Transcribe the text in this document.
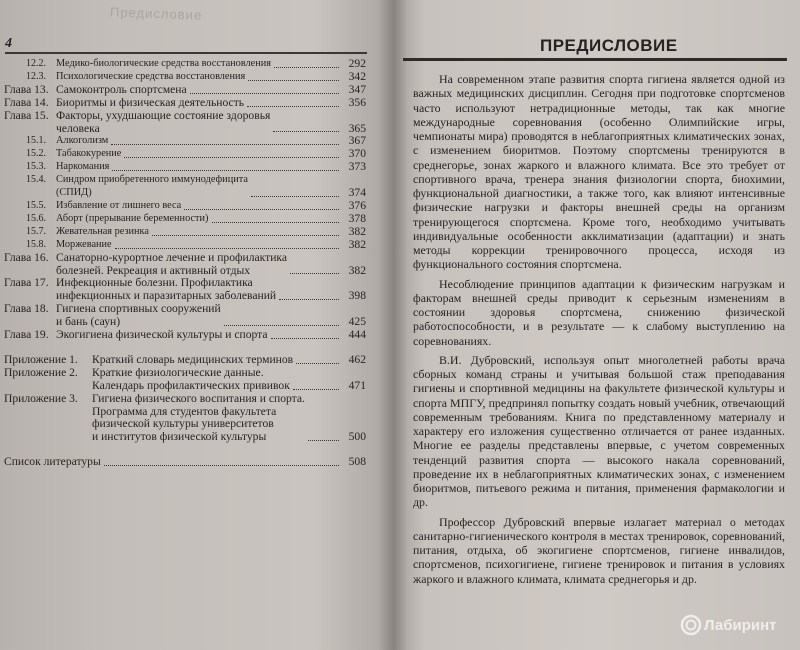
Предисловие
4
12.2. Медико-биологические средства восстановления	292
12.3. Психологические средства восстановления	342
Глава 13. Самоконтроль спортсмена	347
Глава 14. Биоритмы и физическая деятельность	356
Глава 15. Факторы, ухудшающие состояние здоровья
человека	365
15.1. Алкоголизм	367
15.2. Табакокурение	370
15.3. Наркомания	373
15.4. Синдром приобретенного иммунодефицита
(СПИД)	374
15.5. Избавление от лишнего веса	376
15.6. Аборт (прерывание беременности)	378
15.7. Жевательная резинка	382
15.8. Моржевание	382
Глава 16. Санаторно-курортное лечение и профилактика
болезней. Рекреация и активный отдых	382
Глава 17. Инфекционные болезни. Профилактика
инфекционных и паразитарных заболеваний	398
Глава 18. Гигиена спортивных сооружений
и бань (саун)	425
Глава 19. Экогигиена физической культуры и спорта	444
Приложение 1.	Краткий словарь медицинских терминов	462
Приложение 2.	Краткие физиологические данные.
Календарь профилактических прививок	471
Приложение 3.	Гигиена физического воспитания и спорта.
Программа для студентов факультета
физической культуры университетов
и институтов физической культуры	500
Список литературы	508
ПРЕДИСЛОВИЕ

На современном этапе развития спорта гигиена является одной из важных медицинских дисциплин. Сегодня при подготовке спортсменов часто используют нетрадиционные методы, так как многие международные соревнования (особенно Олимпийские игры, чемпионаты мира) проводятся в неблагоприятных климатических зонах, с изменением биоритмов. Поэтому спортсмены тренируются в среднегорье, зонах жаркого и влажного климата. Все это требует от спортивного врача, тренера знания физиологии спорта, биохимии, функциональной диагностики, а также того, как влияют интенсивные физические нагрузки и факторы внешней среды на организм тренирующегося спортсмена. Кроме того, необходимо учитывать индивидуальные особенности акклиматизации (адаптации) и знать методы коррекции тренировочного процесса, исходя из функционального состояния спортсмена.

Несоблюдение принципов адаптации к физическим нагрузкам и факторам внешней среды приводит к серьезным изменениям в состоянии здоровья спортсмена, снижению физической работоспособности, и в результате — к слабому выступлению на соревнованиях.

В.И. Дубровский, используя опыт многолетней работы врача сборных команд страны и учитывая большой стаж преподавания гигиены и спортивной медицины на факультете физической культуры и спорта МПГУ, предпринял попытку создать новый учебник, отвечающий современным требованиям. Книга по представленному материалу и характеру его изложения существенно отличается от ранее изданных. Многие ее разделы представлены впервые, с учетом современных тенденций развития спорта — высокого накала соревнований, проведение их в неблагоприятных климатических зонах, с изменением биоритмов, питьевого режима и питания, применения фармакологии и др.

Профессор Дубровский впервые излагает материал о методах санитарно-гигиенического контроля в местах тренировок, соревнований, питания, отдыха, об экогигиене спортсменов, гигиене инвалидов, спортсменов, психогигиене, гигиене тренировок и питания в условиях жаркого и влажного климата, климата среднегорья и др.

Лабиринт
